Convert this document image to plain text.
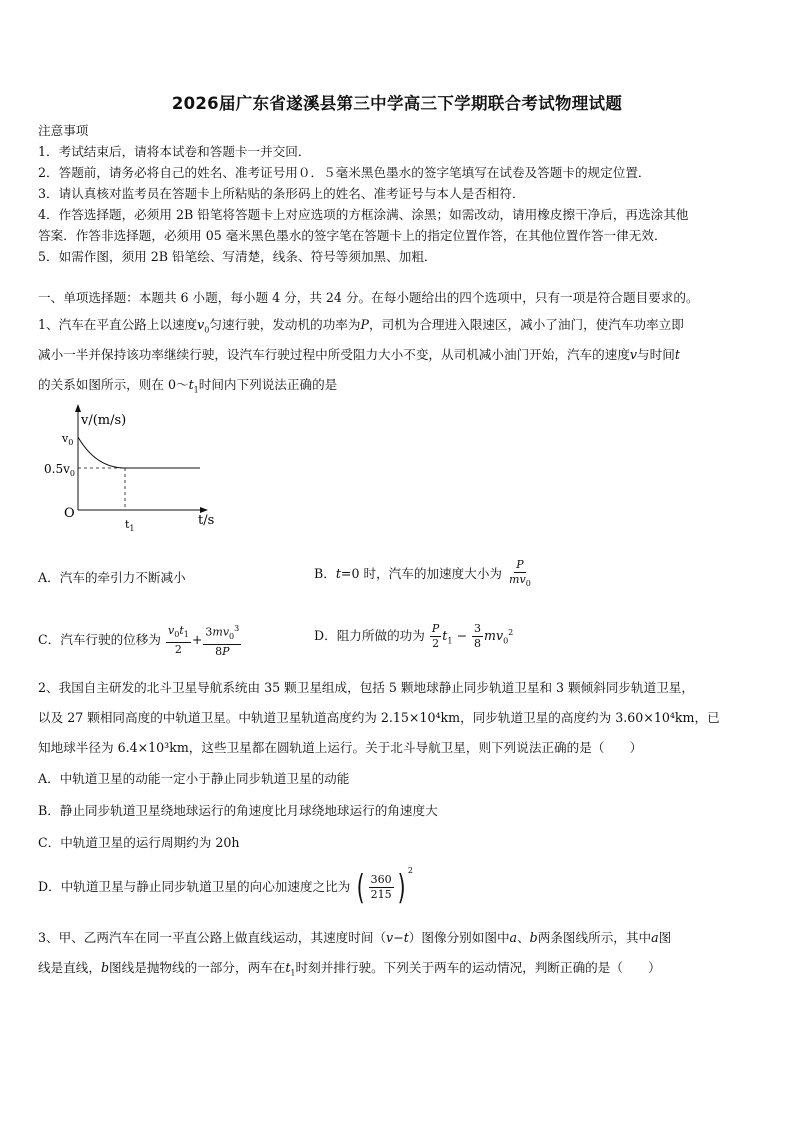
2026届广东省遂溪县第三中学高三下学期联合考试物理试题
注意事项
1．考试结束后，请将本试卷和答题卡一并交回．
2．答题前，请务必将自己的姓名、准考证号用０．５毫米黑色墨水的签字笔填写在试卷及答题卡的规定位置．
3．请认真核对监考员在答题卡上所粘贴的条形码上的姓名、准考证号与本人是否相符．
4．作答选择题，必须用 2B 铅笔将答题卡上对应选项的方框涂满、涂黑；如需改动，请用橡皮擦干净后，再选涂其他
答案．作答非选择题，必须用 05 毫米黑色墨水的签字笔在答题卡上的指定位置作答，在其他位置作答一律无效．
5．如需作图，须用 2B 铅笔绘、写清楚，线条、符号等须加黑、加粗．
一、单项选择题：本题共 6 小题，每小题 4 分，共 24 分。在每小题给出的四个选项中，只有一项是符合题目要求的。
1、汽车在平直公路上以速度$v_0$匀速行驶，发动机的功率为P，司机为合理进入限速区，减小了油门，使汽车功率立即
减小一半并保持该功率继续行驶，设汽车行驶过程中所受阻力大小不变，从司机减小油门开始，汽车的速度v与时间t
的关系如图所示，则在 $0\sim t_1$时间内下列说法正确的是
v/(m/s)
$v_0$
$0.5v_0$
O
$t_1$
t/s
A．汽车的牵引力不断减小	B．t=0 时，汽车的加速度大小为 $\frac{P}{mv_0}$
C．汽车行驶的位移为 $\frac{v_0t_1}{2} + \frac{3mv_0^3}{8P}$	D．阻力所做的功为 $\frac{P}{2} t_1 - \frac{3}{8} mv_0^2$
2、我国自主研发的北斗卫星导航系统由 35 颗卫星组成，包括 5 颗地球静止同步轨道卫星和 3 颗倾斜同步轨道卫星，
以及 27 颗相同高度的中轨道卫星。中轨道卫星轨道高度约为 2.15×10⁴km，同步轨道卫星的高度约为 3.60×10⁴km，已
知地球半径为 6.4×10³km，这些卫星都在圆轨道上运行。关于北斗导航卫星，则下列说法正确的是（　　）
A．中轨道卫星的动能一定小于静止同步轨道卫星的动能
B．静止同步轨道卫星绕地球运行的角速度比月球绕地球运行的角速度大
C．中轨道卫星的运行周期约为 20h
D．中轨道卫星与静止同步轨道卫星的向心加速度之比为 ( $\frac{360}{215}$ ) $^2$
3、甲、乙两汽车在同一平直公路上做直线运动，其速度时间（v−t）图像分别如图中a、b两条图线所示，其中a图
线是直线，b图线是抛物线的一部分，两车在$t_1$时刻并排行驶。下列关于两车的运动情况，判断正确的是（　　）
